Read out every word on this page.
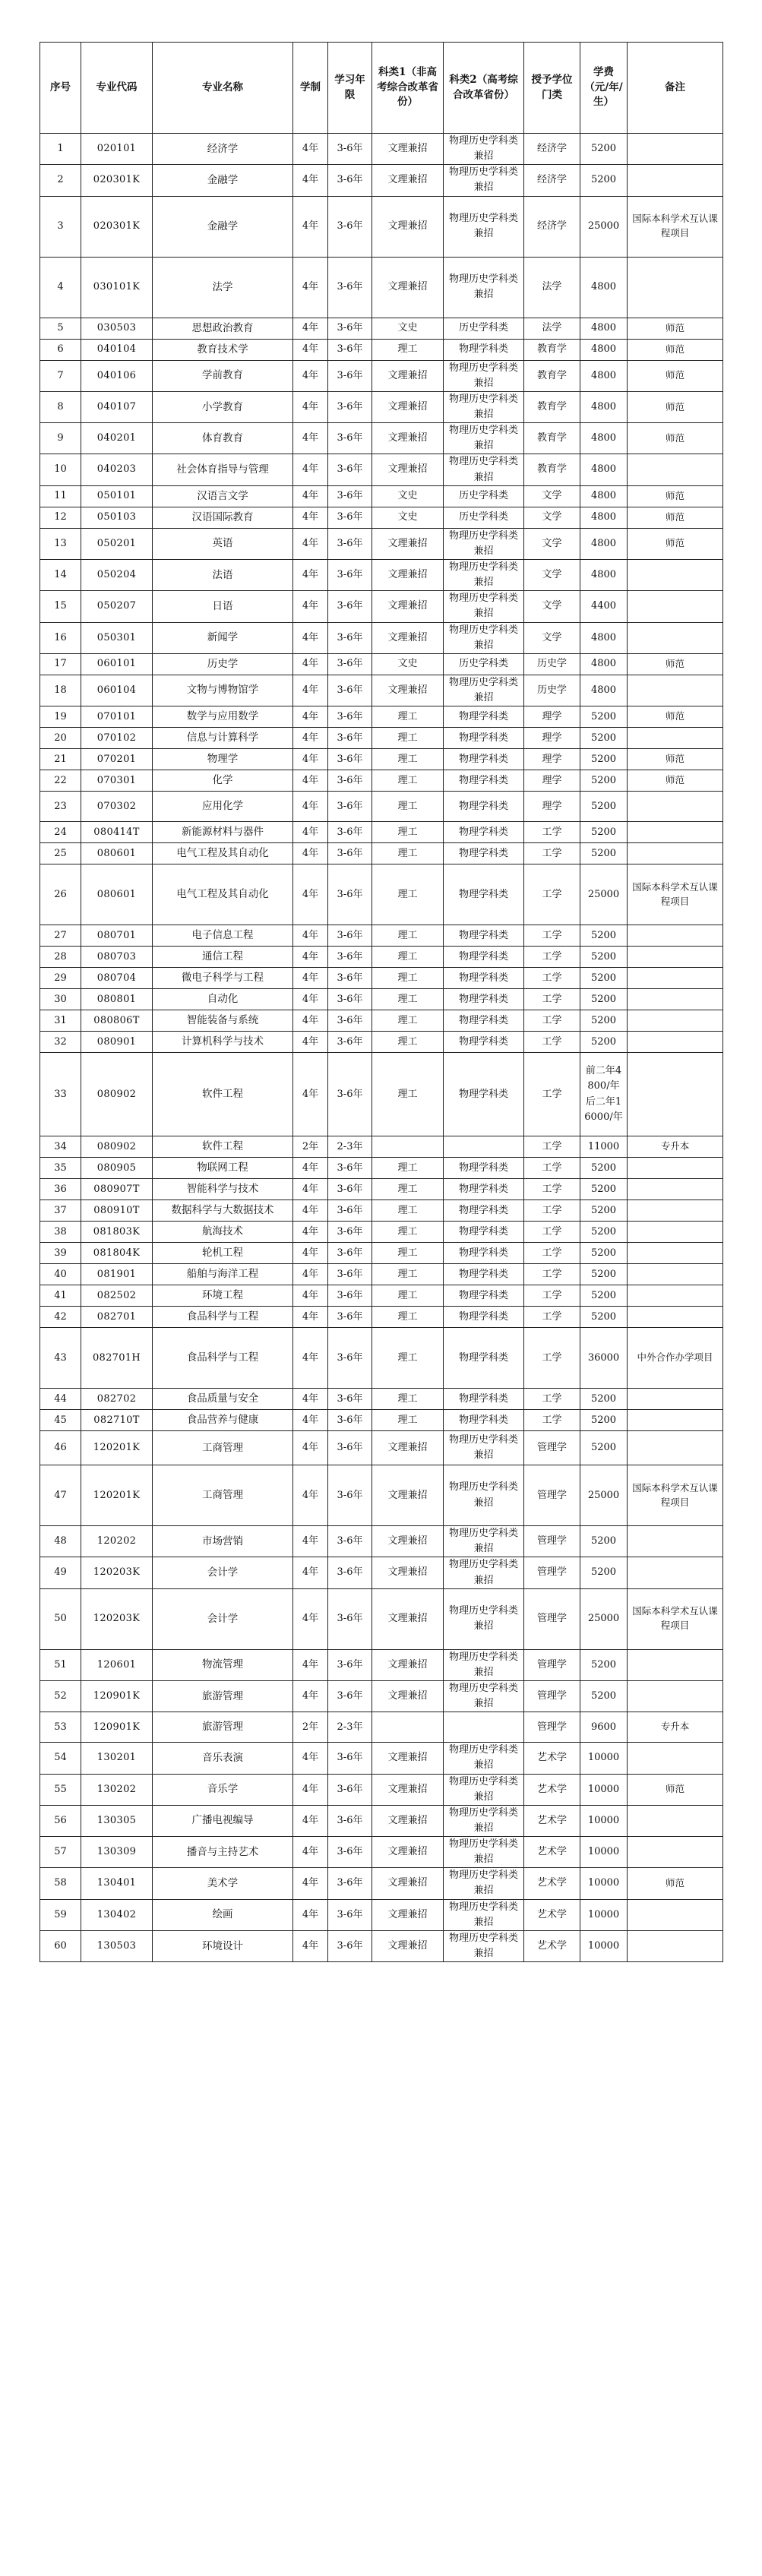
序号	专业代码	专业名称	学制	学习年限	科类1（非高考综合改革省份）	科类2（高考综合改革省份）	授予学位门类	学费（元/年/生）	备注
1	020101	经济学	4年	3-6年	文理兼招	物理历史学科类兼招	经济学	5200	
2	020301K	金融学	4年	3-6年	文理兼招	物理历史学科类兼招	经济学	5200	
3	020301K	金融学	4年	3-6年	文理兼招	物理历史学科类兼招	经济学	25000	国际本科学术互认课程项目
4	030101K	法学	4年	3-6年	文理兼招	物理历史学科类兼招	法学	4800	
5	030503	思想政治教育	4年	3-6年	文史	历史学科类	法学	4800	师范
6	040104	教育技术学	4年	3-6年	理工	物理学科类	教育学	4800	师范
7	040106	学前教育	4年	3-6年	文理兼招	物理历史学科类兼招	教育学	4800	师范
8	040107	小学教育	4年	3-6年	文理兼招	物理历史学科类兼招	教育学	4800	师范
9	040201	体育教育	4年	3-6年	文理兼招	物理历史学科类兼招	教育学	4800	师范
10	040203	社会体育指导与管理	4年	3-6年	文理兼招	物理历史学科类兼招	教育学	4800	
11	050101	汉语言文学	4年	3-6年	文史	历史学科类	文学	4800	师范
12	050103	汉语国际教育	4年	3-6年	文史	历史学科类	文学	4800	师范
13	050201	英语	4年	3-6年	文理兼招	物理历史学科类兼招	文学	4800	师范
14	050204	法语	4年	3-6年	文理兼招	物理历史学科类兼招	文学	4800	
15	050207	日语	4年	3-6年	文理兼招	物理历史学科类兼招	文学	4400	
16	050301	新闻学	4年	3-6年	文理兼招	物理历史学科类兼招	文学	4800	
17	060101	历史学	4年	3-6年	文史	历史学科类	历史学	4800	师范
18	060104	文物与博物馆学	4年	3-6年	文理兼招	物理历史学科类兼招	历史学	4800	
19	070101	数学与应用数学	4年	3-6年	理工	物理学科类	理学	5200	师范
20	070102	信息与计算科学	4年	3-6年	理工	物理学科类	理学	5200	
21	070201	物理学	4年	3-6年	理工	物理学科类	理学	5200	师范
22	070301	化学	4年	3-6年	理工	物理学科类	理学	5200	师范
23	070302	应用化学	4年	3-6年	理工	物理学科类	理学	5200	
24	080414T	新能源材料与器件	4年	3-6年	理工	物理学科类	工学	5200	
25	080601	电气工程及其自动化	4年	3-6年	理工	物理学科类	工学	5200	
26	080601	电气工程及其自动化	4年	3-6年	理工	物理学科类	工学	25000	国际本科学术互认课程项目
27	080701	电子信息工程	4年	3-6年	理工	物理学科类	工学	5200	
28	080703	通信工程	4年	3-6年	理工	物理学科类	工学	5200	
29	080704	微电子科学与工程	4年	3-6年	理工	物理学科类	工学	5200	
30	080801	自动化	4年	3-6年	理工	物理学科类	工学	5200	
31	080806T	智能装备与系统	4年	3-6年	理工	物理学科类	工学	5200	
32	080901	计算机科学与技术	4年	3-6年	理工	物理学科类	工学	5200	
33	080902	软件工程	4年	3-6年	理工	物理学科类	工学	前二年4800/年后二年16000/年	
34	080902	软件工程	2年	2-3年			工学	11000	专升本
35	080905	物联网工程	4年	3-6年	理工	物理学科类	工学	5200	
36	080907T	智能科学与技术	4年	3-6年	理工	物理学科类	工学	5200	
37	080910T	数据科学与大数据技术	4年	3-6年	理工	物理学科类	工学	5200	
38	081803K	航海技术	4年	3-6年	理工	物理学科类	工学	5200	
39	081804K	轮机工程	4年	3-6年	理工	物理学科类	工学	5200	
40	081901	船舶与海洋工程	4年	3-6年	理工	物理学科类	工学	5200	
41	082502	环境工程	4年	3-6年	理工	物理学科类	工学	5200	
42	082701	食品科学与工程	4年	3-6年	理工	物理学科类	工学	5200	
43	082701H	食品科学与工程	4年	3-6年	理工	物理学科类	工学	36000	中外合作办学项目
44	082702	食品质量与安全	4年	3-6年	理工	物理学科类	工学	5200	
45	082710T	食品营养与健康	4年	3-6年	理工	物理学科类	工学	5200	
46	120201K	工商管理	4年	3-6年	文理兼招	物理历史学科类兼招	管理学	5200	
47	120201K	工商管理	4年	3-6年	文理兼招	物理历史学科类兼招	管理学	25000	国际本科学术互认课程项目
48	120202	市场营销	4年	3-6年	文理兼招	物理历史学科类兼招	管理学	5200	
49	120203K	会计学	4年	3-6年	文理兼招	物理历史学科类兼招	管理学	5200	
50	120203K	会计学	4年	3-6年	文理兼招	物理历史学科类兼招	管理学	25000	国际本科学术互认课程项目
51	120601	物流管理	4年	3-6年	文理兼招	物理历史学科类兼招	管理学	5200	
52	120901K	旅游管理	4年	3-6年	文理兼招	物理历史学科类兼招	管理学	5200	
53	120901K	旅游管理	2年	2-3年			管理学	9600	专升本
54	130201	音乐表演	4年	3-6年	文理兼招	物理历史学科类兼招	艺术学	10000	
55	130202	音乐学	4年	3-6年	文理兼招	物理历史学科类兼招	艺术学	10000	师范
56	130305	广播电视编导	4年	3-6年	文理兼招	物理历史学科类兼招	艺术学	10000	
57	130309	播音与主持艺术	4年	3-6年	文理兼招	物理历史学科类兼招	艺术学	10000	
58	130401	美术学	4年	3-6年	文理兼招	物理历史学科类兼招	艺术学	10000	师范
59	130402	绘画	4年	3-6年	文理兼招	物理历史学科类兼招	艺术学	10000	
60	130503	环境设计	4年	3-6年	文理兼招	物理历史学科类兼招	艺术学	10000	
